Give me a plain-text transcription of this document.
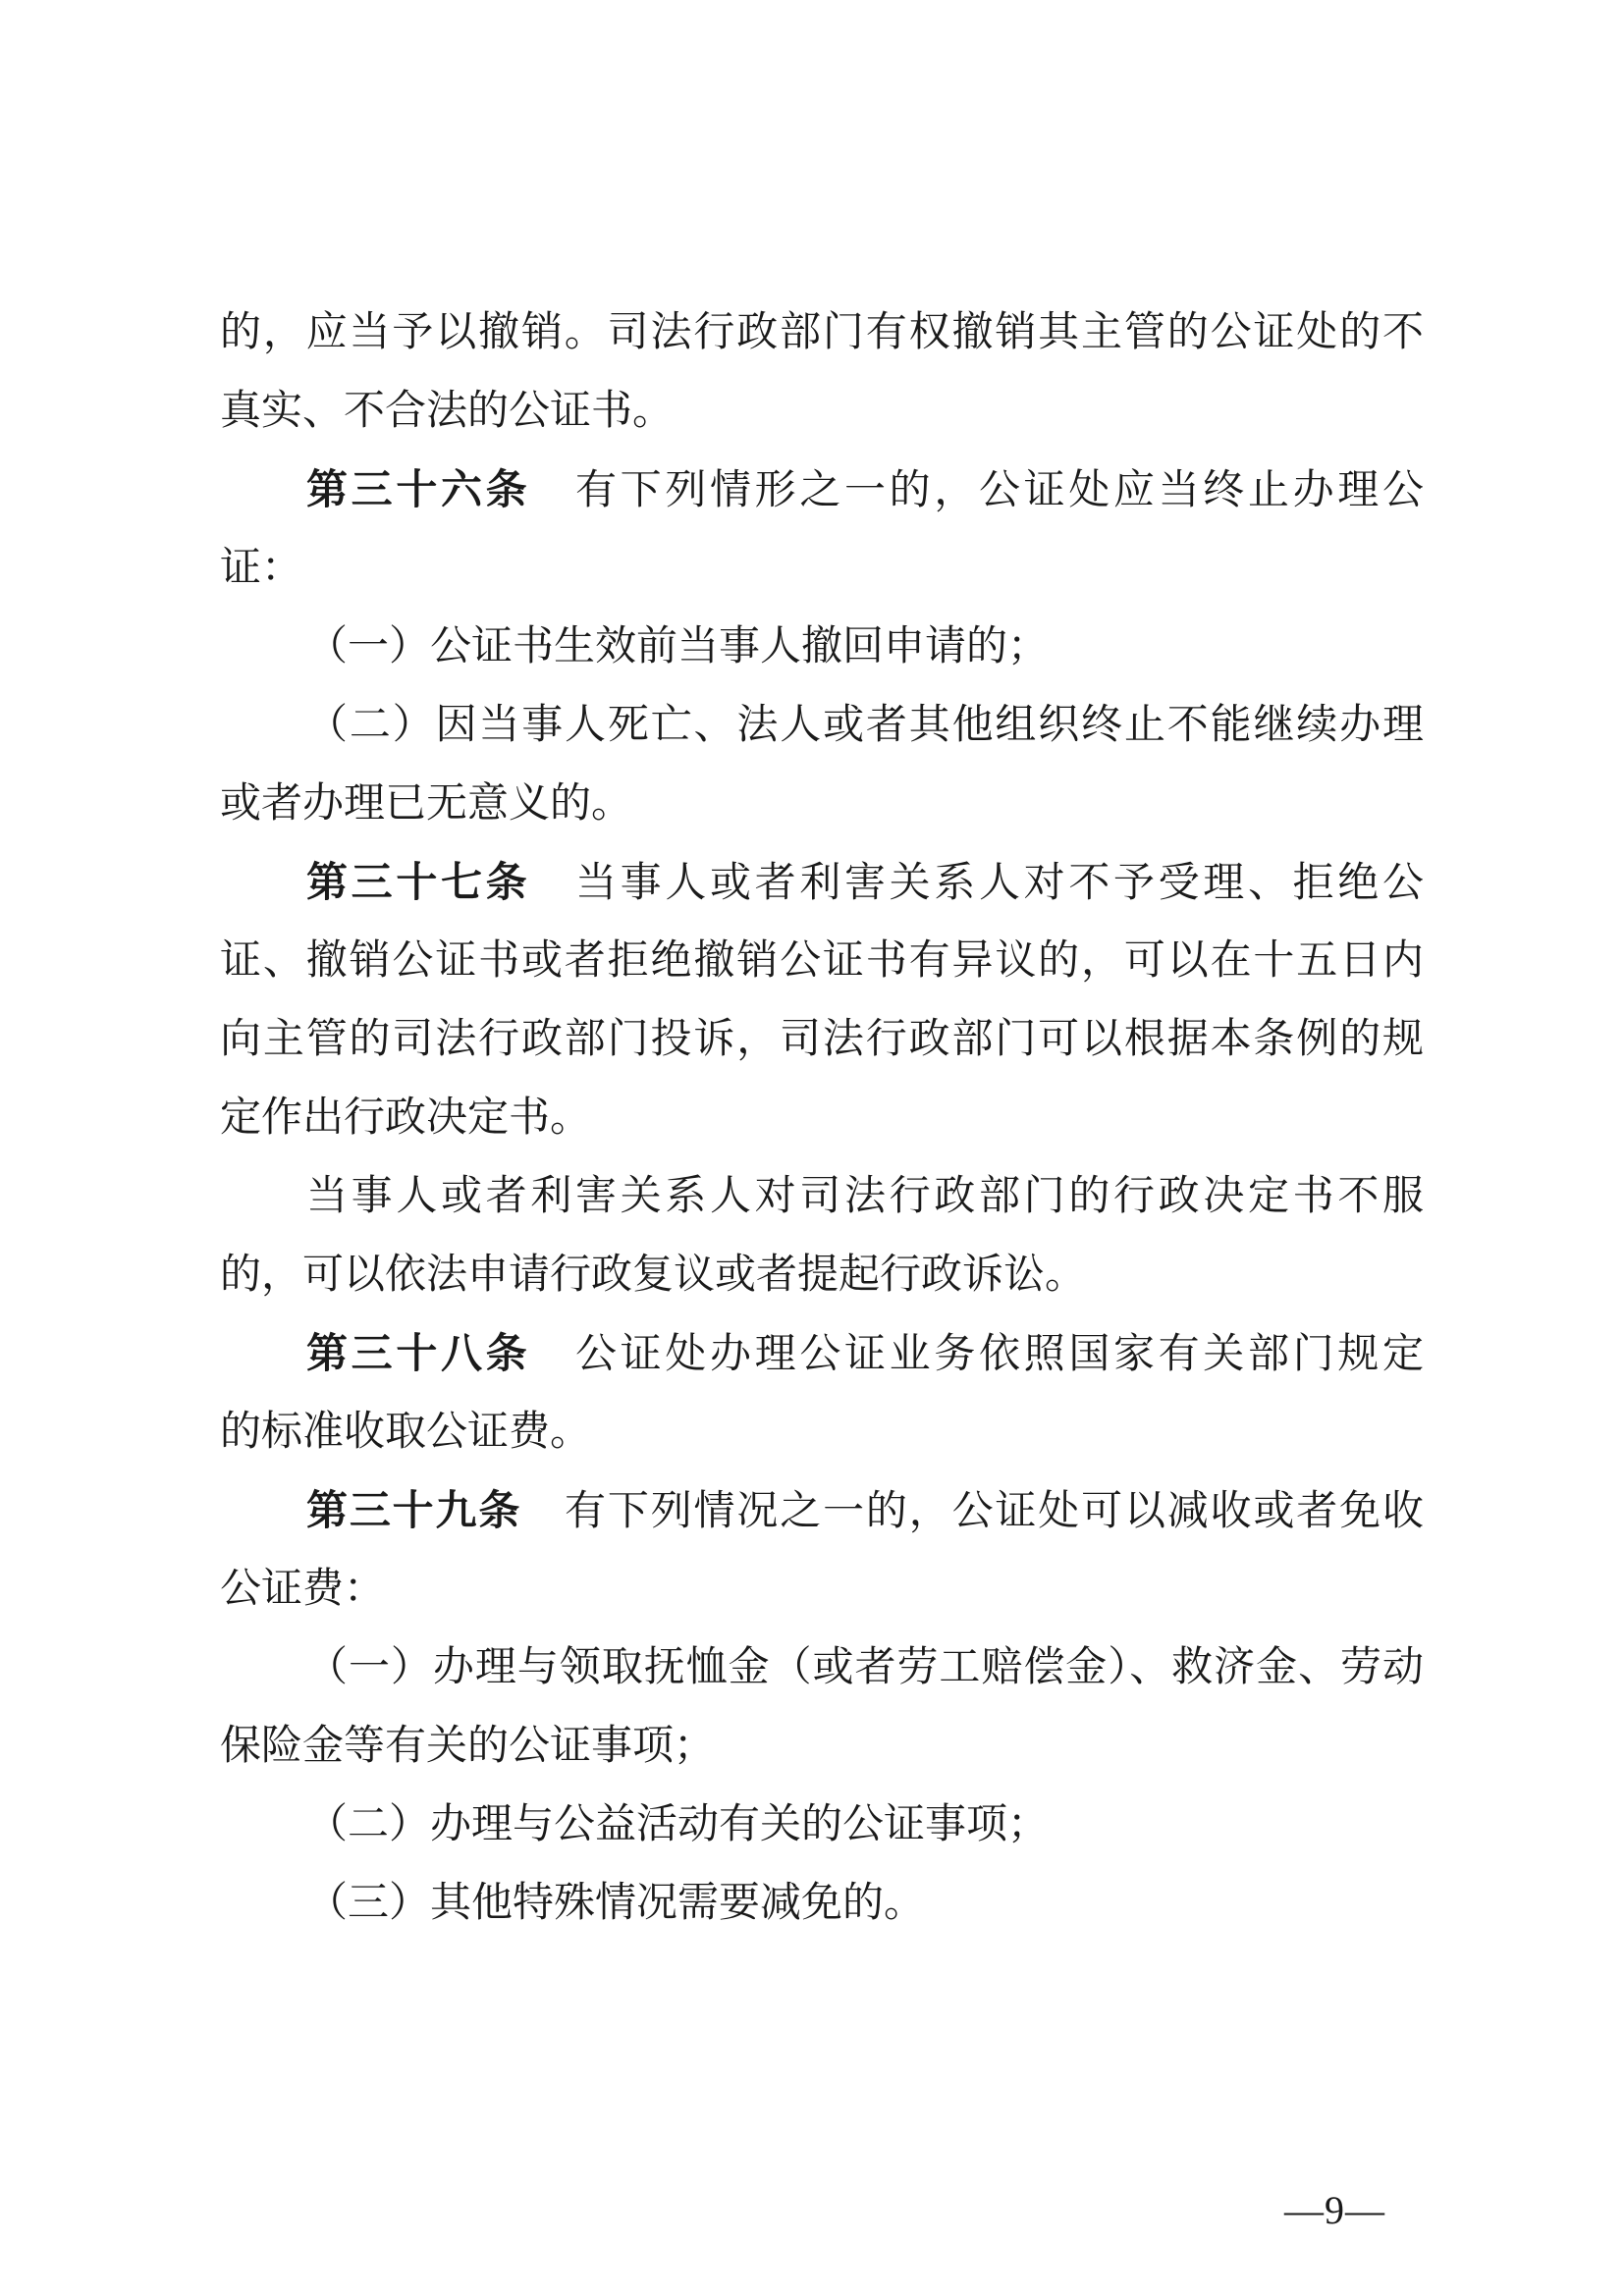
的，应当予以撤销。司法行政部门有权撤销其主管的公证处的不
真实、不合法的公证书。
第三十六条 有下列情形之一的，公证处应当终止办理公
证：
（一）公证书生效前当事人撤回申请的；
（二）因当事人死亡、法人或者其他组织终止不能继续办理
或者办理已无意义的。
第三十七条 当事人或者利害关系人对不予受理、拒绝公
证、撤销公证书或者拒绝撤销公证书有异议的，可以在十五日内
向主管的司法行政部门投诉，司法行政部门可以根据本条例的规
定作出行政决定书。
当事人或者利害关系人对司法行政部门的行政决定书不服
的，可以依法申请行政复议或者提起行政诉讼。
第三十八条 公证处办理公证业务依照国家有关部门规定
的标准收取公证费。
第三十九条 有下列情况之一的，公证处可以减收或者免收
公证费：
（一）办理与领取抚恤金（或者劳工赔偿金）、救济金、劳动
保险金等有关的公证事项；
（二）办理与公益活动有关的公证事项；
（三）其他特殊情况需要减免的。
—9—
